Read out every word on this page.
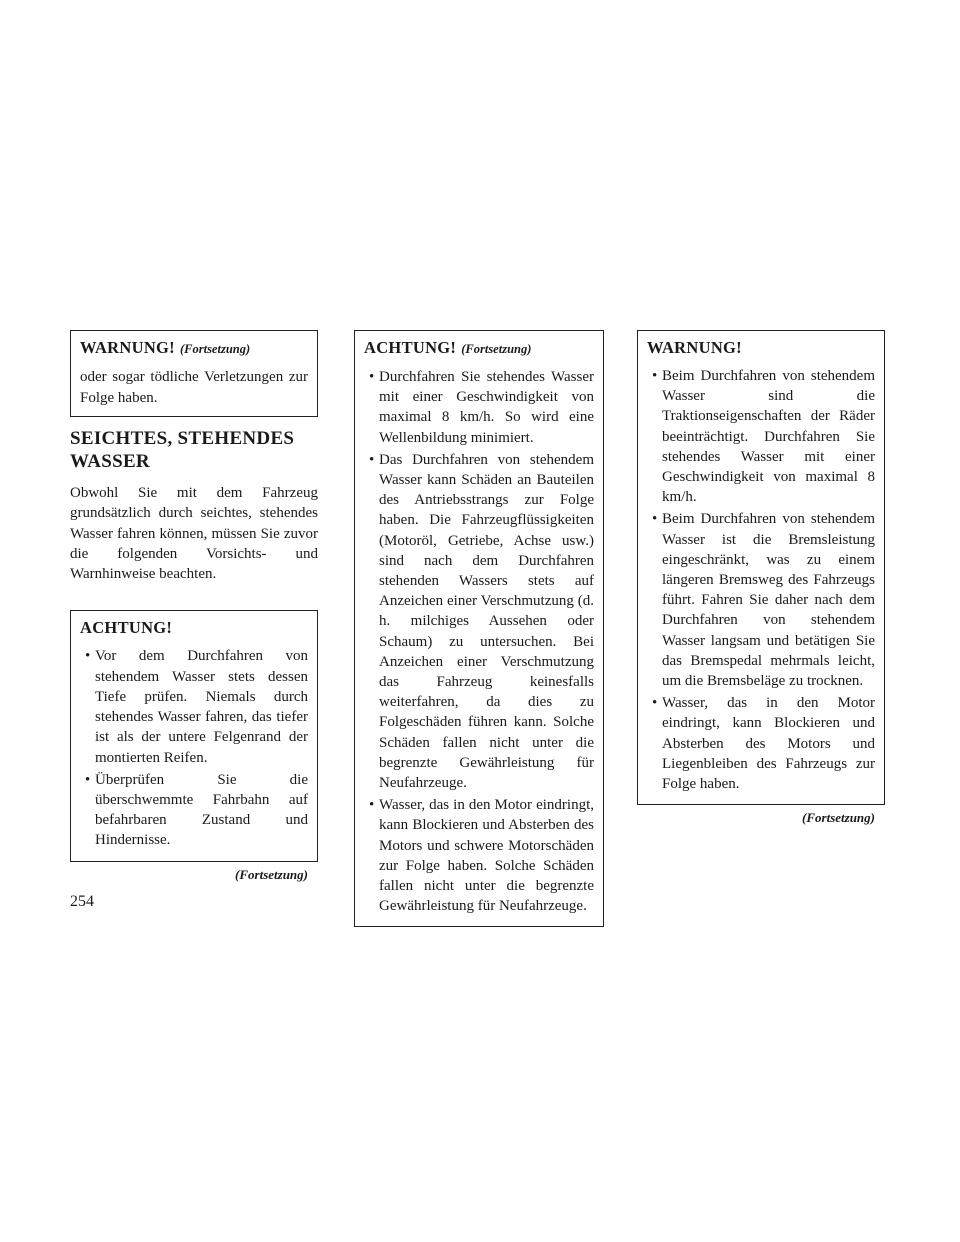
WARNUNG! (Fortsetzung)

oder sogar tödliche Verletzungen zur Folge haben.

SEICHTES, STEHENDES
WASSER

Obwohl Sie mit dem Fahrzeug grundsätzlich durch seichtes, stehendes Wasser fahren können, müssen Sie zuvor die folgenden Vorsichts- und Warnhinweise beachten.

ACHTUNG!
• Vor dem Durchfahren von stehendem Wasser stets dessen Tiefe prüfen. Niemals durch stehendes Wasser fahren, das tiefer ist als der untere Felgenrand der montierten Reifen.
• Überprüfen Sie die überschwemmte Fahrbahn auf befahrbaren Zustand und Hindernisse.
(Fortsetzung)
ACHTUNG! (Fortsetzung)
• Durchfahren Sie stehendes Wasser mit einer Geschwindigkeit von maximal 8 km/h. So wird eine Wellenbildung minimiert.
• Das Durchfahren von stehendem Wasser kann Schäden an Bauteilen des Antriebsstrangs zur Folge haben. Die Fahrzeugflüssigkeiten (Motoröl, Getriebe, Achse usw.) sind nach dem Durchfahren stehenden Wassers stets auf Anzeichen einer Verschmutzung (d. h. milchiges Aussehen oder Schaum) zu untersuchen. Bei Anzeichen einer Verschmutzung das Fahrzeug keinesfalls weiterfahren, da dies zu Folgeschäden führen kann. Solche Schäden fallen nicht unter die begrenzte Gewährleistung für Neufahrzeuge.
• Wasser, das in den Motor eindringt, kann Blockieren und Absterben des Motors und schwere Motorschäden zur Folge haben. Solche Schäden fallen nicht unter die begrenzte Gewährleistung für Neufahrzeuge.
WARNUNG!
• Beim Durchfahren von stehendem Wasser sind die Traktionseigenschaften der Räder beeinträchtigt. Durchfahren Sie stehendes Wasser mit einer Geschwindigkeit von maximal 8 km/h.
• Beim Durchfahren von stehendem Wasser ist die Bremsleistung eingeschränkt, was zu einem längeren Bremsweg des Fahrzeugs führt. Fahren Sie daher nach dem Durchfahren von stehendem Wasser langsam und betätigen Sie das Bremspedal mehrmals leicht, um die Bremsbeläge zu trocknen.
• Wasser, das in den Motor eindringt, kann Blockieren und Absterben des Motors und Liegenbleiben des Fahrzeugs zur Folge haben.
(Fortsetzung)
254
